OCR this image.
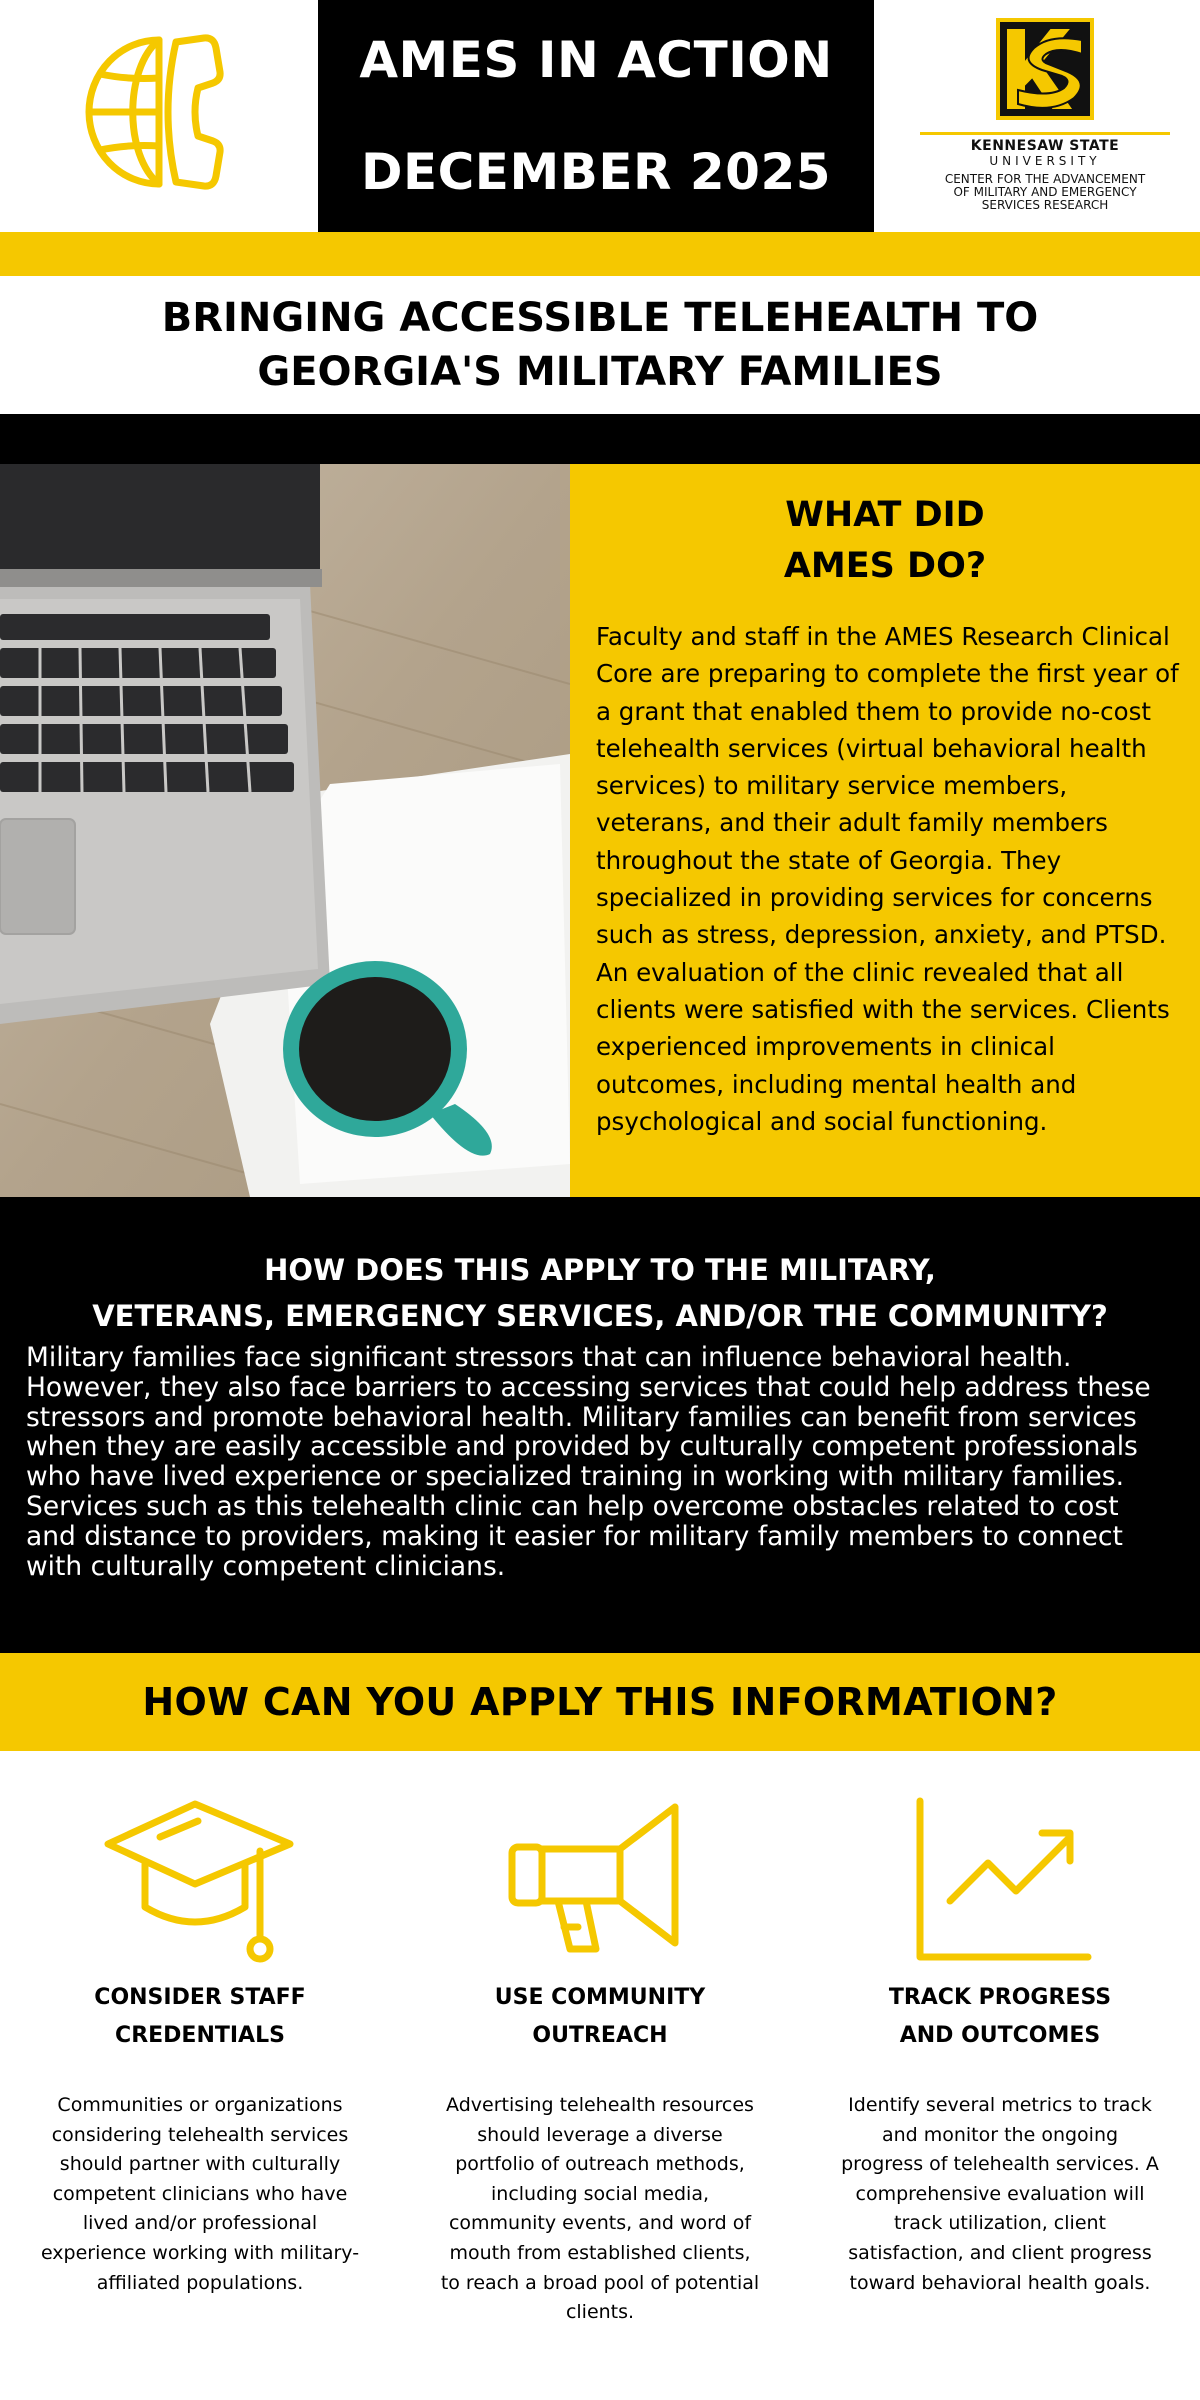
AMES IN ACTION
DECEMBER 2025	KENNESAW STATE
UNIVERSITY
CENTER FOR THE ADVANCEMENT
OF MILITARY AND EMERGENCY
SERVICES RESEARCH
BRINGING ACCESSIBLE TELEHEALTH TO
GEORGIA'S MILITARY FAMILIES
WHAT DID
AMES DO?
Faculty and staff in the AMES Research Clinical Core are preparing to complete the first year of a grant that enabled them to provide no-cost telehealth services (virtual behavioral health services) to military service members, veterans, and their adult family members throughout the state of Georgia. They specialized in providing services for concerns such as stress, depression, anxiety, and PTSD. An evaluation of the clinic revealed that all clients were satisfied with the services. Clients experienced improvements in clinical outcomes, including mental health and psychological and social functioning.
HOW DOES THIS APPLY TO THE MILITARY,
VETERANS, EMERGENCY SERVICES, AND/OR THE COMMUNITY?
Military families face significant stressors that can influence behavioral health. However, they also face barriers to accessing services that could help address these stressors and promote behavioral health. Military families can benefit from services when they are easily accessible and provided by culturally competent professionals who have lived experience or specialized training in working with military families. Services such as this telehealth clinic can help overcome obstacles related to cost and distance to providers, making it easier for military family members to connect with culturally competent clinicians.
HOW CAN YOU APPLY THIS INFORMATION?
CONSIDER STAFF
CREDENTIALS
Communities or organizations considering telehealth services should partner with culturally competent clinicians who have lived and/or professional experience working with military-affiliated populations.
USE COMMUNITY
OUTREACH
Advertising telehealth resources should leverage a diverse portfolio of outreach methods, including social media, community events, and word of mouth from established clients, to reach a broad pool of potential clients.
TRACK PROGRESS
AND OUTCOMES
Identify several metrics to track and monitor the ongoing progress of telehealth services. A comprehensive evaluation will track utilization, client satisfaction, and client progress toward behavioral health goals.
